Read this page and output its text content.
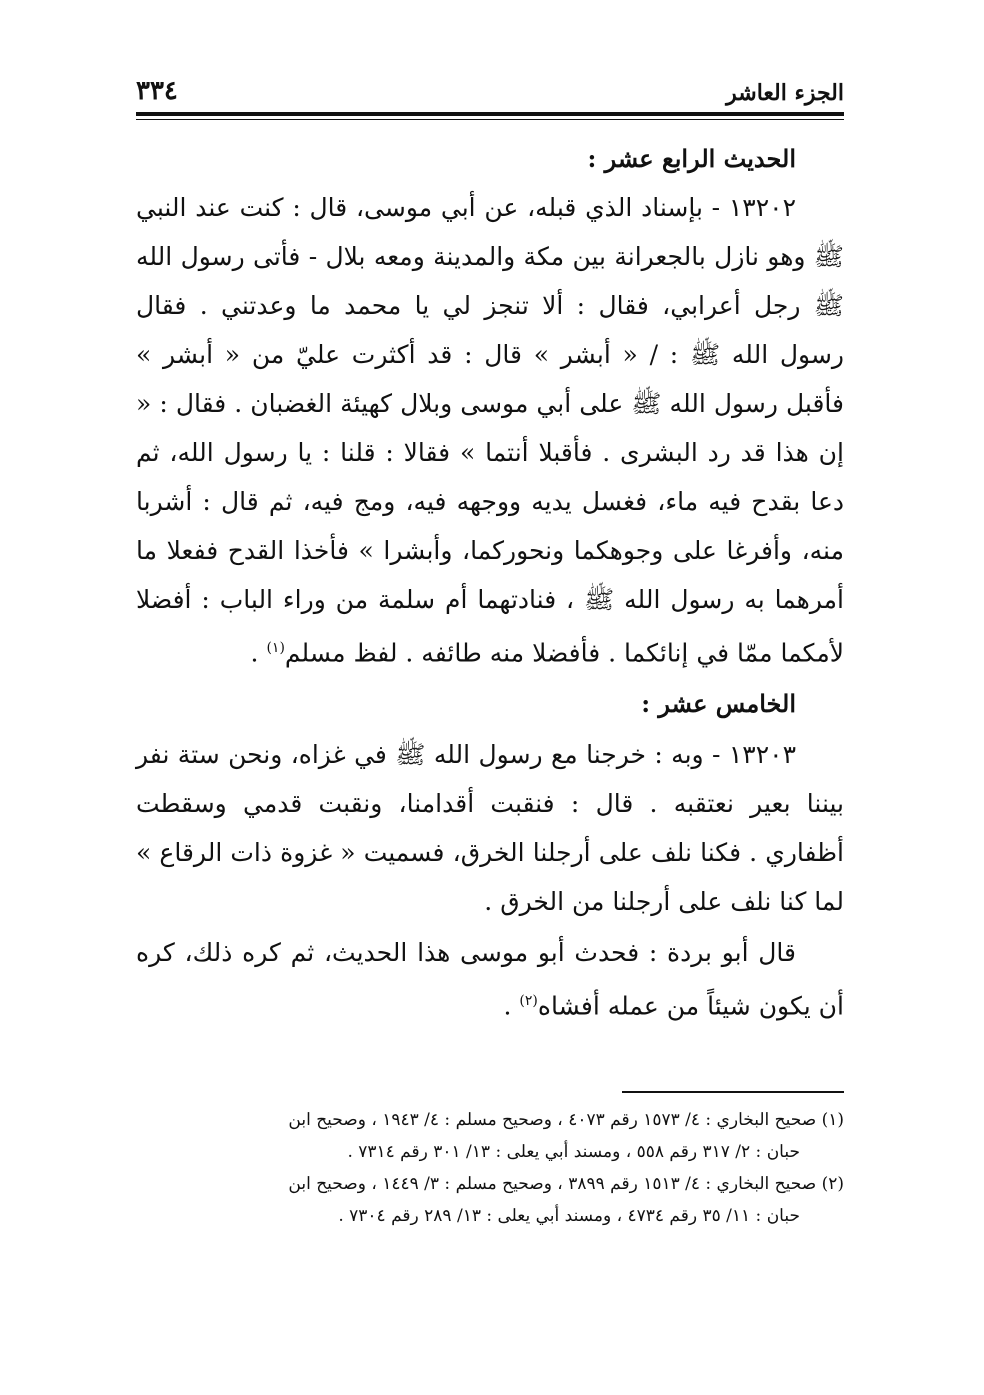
٣٣٤	الجزء العاشر

الحديث الرابع عشر :

١٣٢٠٢ - بإسناد الذي قبله، عن أبي موسى، قال : كنت عند النبي ﷺ وهو نازل بالجعرانة بين مكة والمدينة ومعه بلال - فأتى رسول الله ﷺ رجل أعرابي، فقال : ألا تنجز لي يا محمد ما وعدتني . فقال رسول الله ﷺ : / « أبشر » قال : قد أكثرت عليّ من « أبشر » فأقبل رسول الله ﷺ على أبي موسى وبلال كهيئة الغضبان . فقال : « إن هذا قد رد البشرى . فأقبلا أنتما » فقالا : قلنا : يا رسول الله، ثم دعا بقدح فيه ماء، فغسل يديه ووجهه فيه، ومج فيه، ثم قال : أشربا منه، وأفرغا على وجوهكما ونحوركما، وأبشرا » فأخذا القدح ففعلا ما أمرهما به رسول الله ﷺ ، فنادتهما أم سلمة من وراء الباب : أفضلا لأمكما ممّا في إنائكما . فأفضلا منه طائفه . لفظ مسلم$^{(١)}$ .

الخامس عشر :

١٣٢٠٣ - وبه : خرجنا مع رسول الله ﷺ في غزاه، ونحن ستة نفر بيننا بعير نعتقبه . قال : فنقبت أقدامنا، ونقبت قدمي وسقطت أظفاري . فكنا نلف على أرجلنا الخرق، فسميت « غزوة ذات الرقاع » لما كنا نلف على أرجلنا من الخرق .

قال أبو بردة : فحدث أبو موسى هذا الحديث، ثم كره ذلك، كره أن يكون شيئاً من عمله أفشاه$^{(٢)}$ .

(١) صحيح البخاري : ٤/ ١٥٧٣ رقم ٤٠٧٣ ، وصحيح مسلم : ٤/ ١٩٤٣ ، وصحيح ابن

حبان : ٢/ ٣١٧ رقم ٥٥٨ ، ومسند أبي يعلى : ١٣/ ٣٠١ رقم ٧٣١٤ .

(٢) صحيح البخاري : ٤/ ١٥١٣ رقم ٣٨٩٩ ، وصحيح مسلم : ٣/ ١٤٤٩ ، وصحيح ابن

حبان : ١١/ ٣٥ رقم ٤٧٣٤ ، ومسند أبي يعلى : ١٣/ ٢٨٩ رقم ٧٣٠٤ .
